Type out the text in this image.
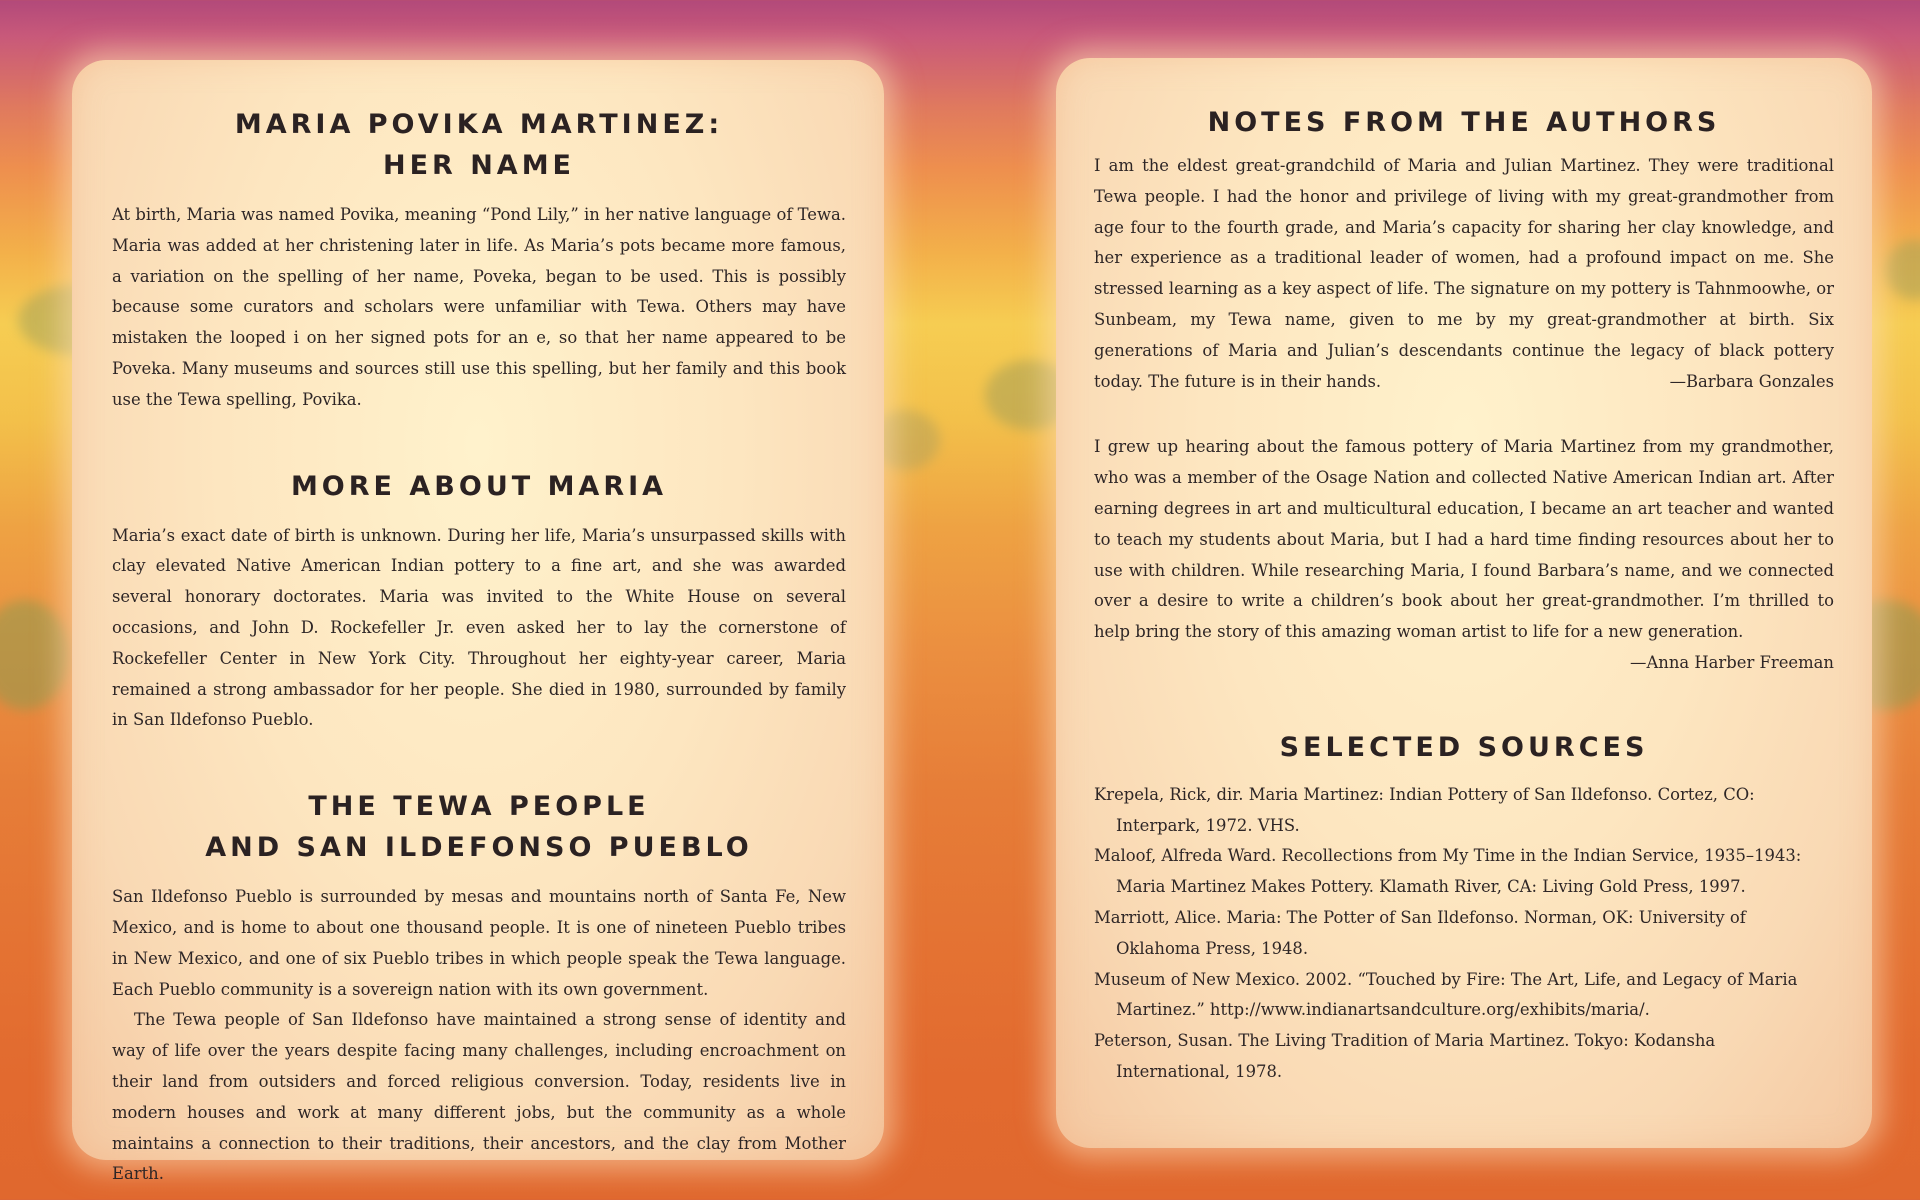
MARIA POVIKA MARTINEZ:
HER NAME

At birth, Maria was named Povika, meaning “Pond Lily,” in her native language of Tewa. Maria was added at her christening later in life. As Maria’s pots became more famous, a variation on the spelling of her name, Poveka, began to be used. This is possibly because some curators and scholars were unfamiliar with Tewa. Others may have mistaken the looped i on her signed pots for an e, so that her name appeared to be Poveka. Many museums and sources still use this spelling, but her family and this book use the Tewa spelling, Povika.

MORE ABOUT MARIA

Maria’s exact date of birth is unknown. During her life, Maria’s unsurpassed skills with clay elevated Native American Indian pottery to a fine art, and she was awarded several honorary doctorates. Maria was invited to the White House on several occasions, and John D. Rockefeller Jr. even asked her to lay the cornerstone of Rockefeller Center in New York City. Throughout her eighty-year career, Maria remained a strong ambassador for her people. She died in 1980, surrounded by family in San Ildefonso Pueblo.

THE TEWA PEOPLE
AND SAN ILDEFONSO PUEBLO

San Ildefonso Pueblo is surrounded by mesas and mountains north of Santa Fe, New Mexico, and is home to about one thousand people. It is one of nineteen Pueblo tribes in New Mexico, and one of six Pueblo tribes in which people speak the Tewa language. Each Pueblo community is a sovereign nation with its own government.

The Tewa people of San Ildefonso have maintained a strong sense of identity and way of life over the years despite facing many challenges, including encroachment on their land from outsiders and forced religious conversion. Today, residents live in modern houses and work at many different jobs, but the community as a whole maintains a connection to their traditions, their ancestors, and the clay from Mother Earth.

NOTES FROM THE AUTHORS

I am the eldest great-grandchild of Maria and Julian Martinez. They were traditional Tewa people. I had the honor and privilege of living with my great-grandmother from age four to the fourth grade, and Maria’s capacity for sharing her clay knowledge, and her experience as a traditional leader of women, had a profound impact on me. She stressed learning as a key aspect of life. The signature on my pottery is Tahnmoowhe, or Sunbeam, my Tewa name, given to me by my great-grandmother at birth. Six generations of Maria and Julian’s descendants continue the legacy of black pottery today. The future is in their hands.	—Barbara Gonzales

I grew up hearing about the famous pottery of Maria Martinez from my grandmother, who was a member of the Osage Nation and collected Native American Indian art. After earning degrees in art and multicultural education, I became an art teacher and wanted to teach my students about Maria, but I had a hard time finding resources about her to use with children. While researching Maria, I found Barbara’s name, and we connected over a desire to write a children’s book about her great-grandmother. I’m thrilled to help bring the story of this amazing woman artist to life for a new generation.

—Anna Harber Freeman

SELECTED SOURCES

Krepela, Rick, dir. Maria Martinez: Indian Pottery of San Ildefonso. Cortez, CO: Interpark, 1972. VHS.

Maloof, Alfreda Ward. Recollections from My Time in the Indian Service, 1935–1943: Maria Martinez Makes Pottery. Klamath River, CA: Living Gold Press, 1997.

Marriott, Alice. Maria: The Potter of San Ildefonso. Norman, OK: University of Oklahoma Press, 1948.

Museum of New Mexico. 2002. “Touched by Fire: The Art, Life, and Legacy of Maria Martinez.” http://www.indianartsandculture.org/exhibits/maria/.

Peterson, Susan. The Living Tradition of Maria Martinez. Tokyo: Kodansha International, 1978.
